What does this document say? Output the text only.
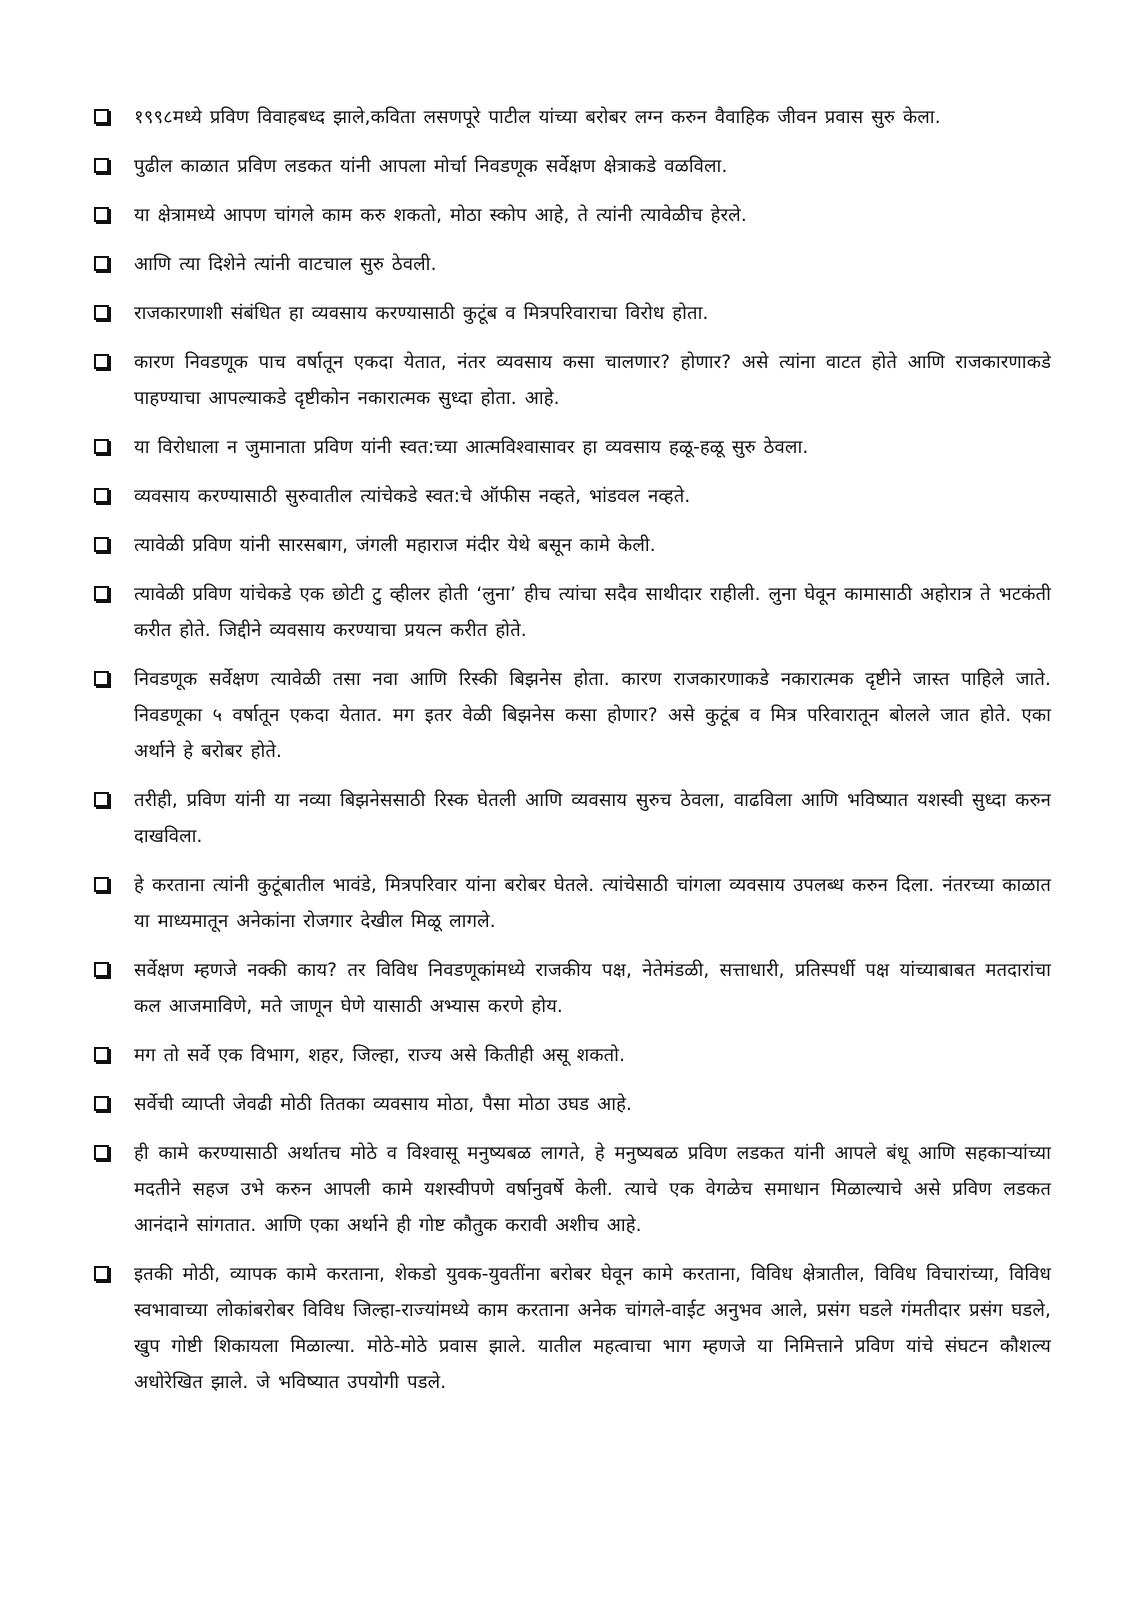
१९९८मध्ये प्रविण विवाहबध्द झाले,कविता लसणपूरे पाटील यांच्या बरोबर लग्न करुन वैवाहिक जीवन प्रवास सुरु केला.
पुढील काळात प्रविण लडकत यांनी आपला मोर्चा निवडणूक सर्वेक्षण क्षेत्राकडे वळविला.
या क्षेत्रामध्ये आपण चांगले काम करु शकतो, मोठा स्कोप आहे, ते त्यांनी त्यावेळीच हेरले.
आणि त्या दिशेने त्यांनी वाटचाल सुरु ठेवली.
राजकारणाशी संबंधित हा व्यवसाय करण्यासाठी कुटूंब व मित्रपरिवाराचा विरोध होता.
कारण निवडणूक पाच वर्षातून एकदा येतात, नंतर व्यवसाय कसा चालणार? होणार? असे त्यांना वाटत होते आणि राजकारणाकडे पाहण्याचा आपल्याकडे दृष्टीकोन नकारात्मक सुध्दा होता. आहे.
या विरोधाला न जुमानाता प्रविण यांनी स्वत:च्या आत्मविश्वासावर हा व्यवसाय हळू-हळू सुरु ठेवला.
व्यवसाय करण्यासाठी सुरुवातील त्यांचेकडे स्वत:चे ऑफीस नव्हते, भांडवल नव्हते.
त्यावेळी प्रविण यांनी सारसबाग, जंगली महाराज मंदीर येथे बसून कामे केली.
त्यावेळी प्रविण यांचेकडे एक छोटी टु व्हीलर होती ‘लुना’ हीच त्यांचा सदैव साथीदार राहीली. लुना घेवून कामासाठी अहोरात्र ते भटकंती करीत होते. जिद्दीने व्यवसाय करण्याचा प्रयत्न करीत होते.
निवडणूक सर्वेक्षण त्यावेळी तसा नवा आणि रिस्की बिझनेस होता. कारण राजकारणाकडे नकारात्मक दृष्टीने जास्त पाहिले जाते. निवडणूका ५ वर्षातून एकदा येतात. मग इतर वेळी बिझनेस कसा होणार? असे कुटूंब व मित्र परिवारातून बोलले जात होते. एका अर्थाने हे बरोबर होते.
तरीही, प्रविण यांनी या नव्या बिझनेससाठी रिस्क घेतली आणि व्यवसाय सुरुच ठेवला, वाढविला आणि भविष्यात यशस्वी सुध्दा करुन दाखविला.
हे करताना त्यांनी कुटूंबातील भावंडे, मित्रपरिवार यांना बरोबर घेतले. त्यांचेसाठी चांगला व्यवसाय उपलब्ध करुन दिला. नंतरच्या काळात या माध्यमातून अनेकांना रोजगार देखील मिळू लागले.
सर्वेक्षण म्हणजे नक्की काय? तर विविध निवडणूकांमध्ये राजकीय पक्ष, नेतेमंडळी, सत्ताधारी, प्रतिस्पर्धी पक्ष यांच्याबाबत मतदारांचा कल आजमाविणे, मते जाणून घेणे यासाठी अभ्यास करणे होय.
मग तो सर्वे एक विभाग, शहर, जिल्हा, राज्य असे कितीही असू शकतो.
सर्वेची व्याप्ती जेवढी मोठी तितका व्यवसाय मोठा, पैसा मोठा उघड आहे.
ही कामे करण्यासाठी अर्थातच मोठे व विश्वासू मनुष्यबळ लागते, हे मनुष्यबळ प्रविण लडकत यांनी आपले बंधू आणि सहकाऱ्यांच्या मदतीने सहज उभे करुन आपली कामे यशस्वीपणे वर्षानुवर्षे केली. त्याचे एक वेगळेच समाधान मिळाल्याचे असे प्रविण लडकत आनंदाने सांगतात. आणि एका अर्थाने ही गोष्ट कौतुक करावी अशीच आहे.
इतकी मोठी, व्यापक कामे करताना, शेकडो युवक-युवतींना बरोबर घेवून कामे करताना, विविध क्षेत्रातील, विविध विचारांच्या, विविध स्वभावाच्या लोकांबरोबर विविध जिल्हा-राज्यांमध्ये काम करताना अनेक चांगले-वाईट अनुभव आले, प्रसंग घडले गंमतीदार प्रसंग घडले, खुप गोष्टी शिकायला मिळाल्या. मोठे-मोठे प्रवास झाले. यातील महत्वाचा भाग म्हणजे या निमित्ताने प्रविण यांचे संघटन कौशल्य अधोरेखित झाले. जे भविष्यात उपयोगी पडले.
